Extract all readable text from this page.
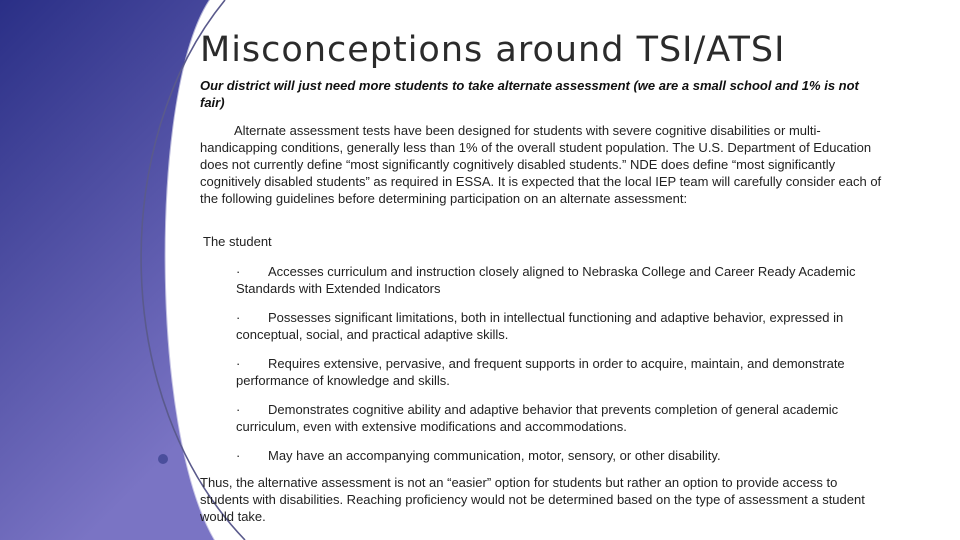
Misconceptions around TSI/ATSI

Our district will just need more students to take alternate assessment (we are a small school and 1% is not fair)

Alternate assessment tests have been designed for students with severe cognitive disabilities or multi-handicapping conditions, generally less than 1% of the overall student population. The U.S. Department of Education does not currently define “most significantly cognitively disabled students.” NDE does define “most significantly cognitively disabled students” as required in ESSA. It is expected that the local IEP team will carefully consider each of the following guidelines before determining participation on an alternate assessment:

The student

· Accesses curriculum and instruction closely aligned to Nebraska College and Career Ready Academic Standards with Extended Indicators
· Possesses significant limitations, both in intellectual functioning and adaptive behavior, expressed in conceptual, social, and practical adaptive skills.
· Requires extensive, pervasive, and frequent supports in order to acquire, maintain, and demonstrate performance of knowledge and skills.
· Demonstrates cognitive ability and adaptive behavior that prevents completion of general academic curriculum, even with extensive modifications and accommodations.
· May have an accompanying communication, motor, sensory, or other disability.

Thus, the alternative assessment is not an “easier” option for students but rather an option to provide access to students with disabilities. Reaching proficiency would not be determined based on the type of assessment a student would take.
